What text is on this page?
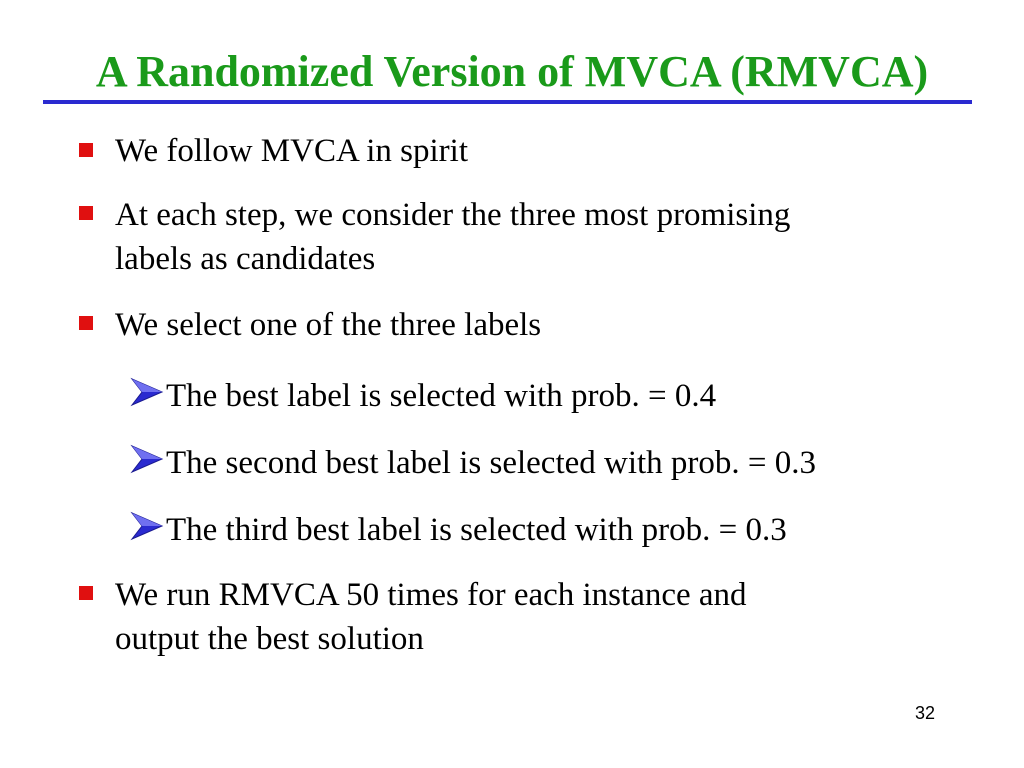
A Randomized Version of MVCA (RMVCA)
We follow MVCA in spirit
At each step, we consider the three most promising
labels as candidates
We select one of the three labels
The best label is selected with prob. = 0.4
The second best label is selected with prob. = 0.3
The third best label is selected with prob. = 0.3
We run RMVCA 50 times for each instance and
output the best solution
32
